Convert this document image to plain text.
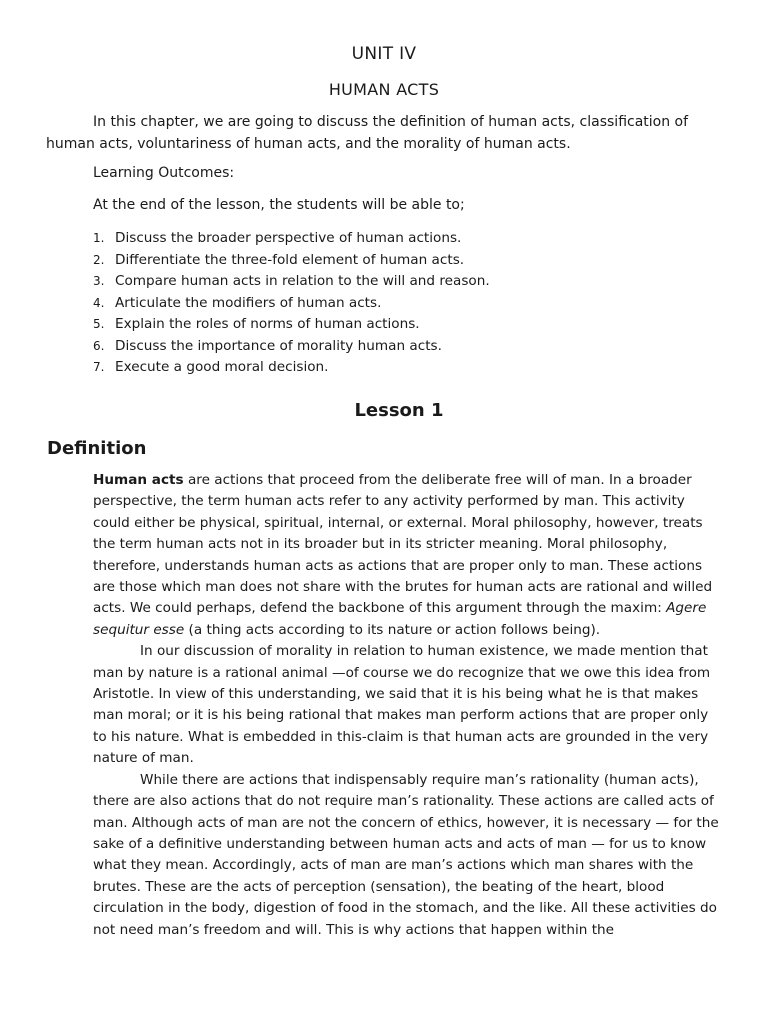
UNIT IV
HUMAN ACTS

In this chapter, we are going to discuss the definition of human acts, classification of human acts, voluntariness of human acts, and the morality of human acts.

Learning Outcomes:
At the end of the lesson, the students will be able to;
1. Discuss the broader perspective of human actions.
2. Differentiate the three-fold element of human acts.
3. Compare human acts in relation to the will and reason.
4. Articulate the modifiers of human acts.
5. Explain the roles of norms of human actions.
6. Discuss the importance of morality human acts.
7. Execute a good moral decision.
Lesson 1
Definition

Human acts are actions that proceed from the deliberate free will of man. In a broader perspective, the term human acts refer to any activity performed by man. This activity could either be physical, spiritual, internal, or external. Moral philosophy, however, treats the term human acts not in its broader but in its stricter meaning. Moral philosophy, therefore, understands human acts as actions that are proper only to man. These actions are those which man does not share with the brutes for human acts are rational and willed acts. We could perhaps, defend the backbone of this argument through the maxim: Agere sequitur esse (a thing acts according to its nature or action follows being).

In our discussion of morality in relation to human existence, we made mention that man by nature is a rational animal —of course we do recognize that we owe this idea from Aristotle. In view of this understanding, we said that it is his being what he is that makes man moral; or it is his being rational that makes man perform actions that are proper only to his nature. What is embedded in this-claim is that human acts are grounded in the very nature of man.

While there are actions that indispensably require man’s rationality (human acts), there are also actions that do not require man’s rationality. These actions are called acts of man. Although acts of man are not the concern of ethics, however, it is necessary — for the sake of a definitive understanding between human acts and acts of man — for us to know what they mean. Accordingly, acts of man are man’s actions which man shares with the brutes. These are the acts of perception (sensation), the beating of the heart, blood circulation in the body, digestion of food in the stomach, and the like. All these activities do not need man’s freedom and will. This is why actions that happen within the
